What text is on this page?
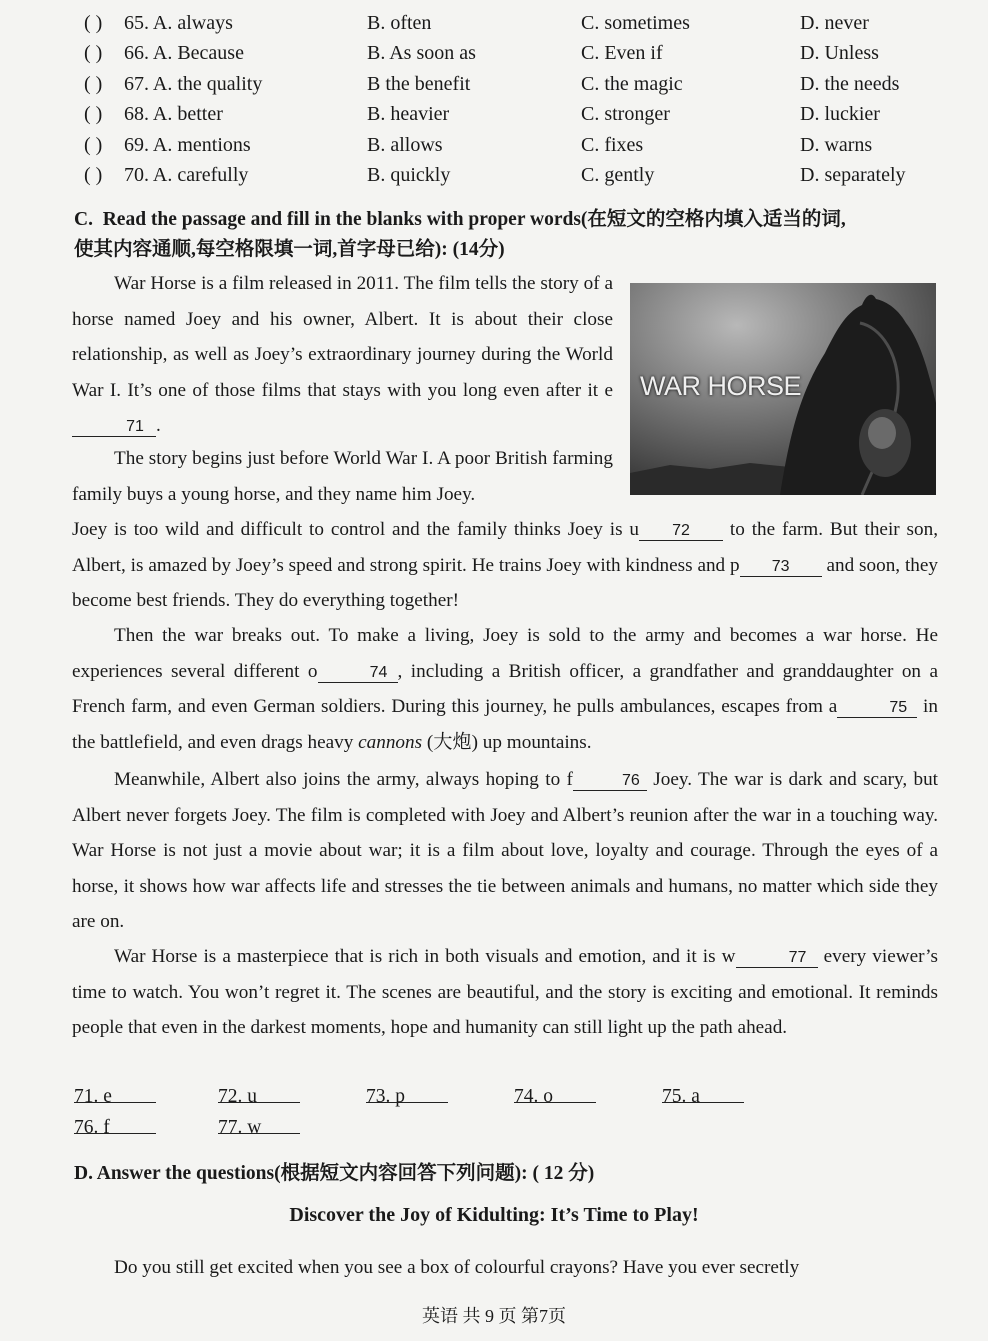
( ) 65. A. always	B. often	C. sometimes	D. never
( ) 66. A. Because	B. As soon as	C. Even if	D. Unless
( ) 67. A. the quality	B the benefit	C. the magic	D. the needs
( ) 68. A. better	B. heavier	C. stronger	D. luckier
( ) 69. A. mentions	B. allows	C. fixes	D. warns
( ) 70. A. carefully	B. quickly	C. gently	D. separately
C. Read the passage and fill in the blanks with proper words(在短文的空格内填入适当的词,
使其内容通顺,每空格限填一词,首字母已给): (14分)
WAR HORSE
War Horse is a film released in 2011. The film tells the story of a horse named Joey and his owner, Albert. It is about their close relationship, as well as Joey’s extraordinary journey during the World War I. It’s one of those films that stays with you long even after it e71 .
The story begins just before World War I. A poor British farming family buys a young horse, and they name him Joey.
Joey is too wild and difficult to control and the family thinks Joey is u 72 to the farm. But their son, Albert, is amazed by Joey’s speed and strong spirit. He trains Joey with kindness and p 73 and soon, they become best friends. They do everything together!
Then the war breaks out. To make a living, Joey is sold to the army and becomes a war horse. He experiences several different o	74 , including a British officer, a grandfather and granddaughter on a French farm, and even German soldiers. During this journey, he pulls ambulances, escapes from a	75 in the battlefield, and even drags heavy cannons (大炮) up mountains.
Meanwhile, Albert also joins the army, always hoping to f	76 Joey. The war is dark and scary, but Albert never forgets Joey. The film is completed with Joey and Albert’s reunion after the war in a touching way. War Horse is not just a movie about war; it is a film about love, loyalty and courage. Through the eyes of a horse, it shows how war affects life and stresses the tie between animals and humans, no matter which side they are on.
War Horse is a masterpiece that is rich in both visuals and emotion, and it is w	77 every viewer’s time to watch. You won’t regret it. The scenes are beautiful, and the story is exciting and emotional. It reminds people that even in the darkest moments, hope and humanity can still light up the path ahead.
71. e	72. u	73. p	74. o	75. a
76. f	77. w
D. Answer the questions(根据短文内容回答下列问题): ( 12 分)
Discover the Joy of Kidulting: It’s Time to Play!
Do you still get excited when you see a box of colourful crayons? Have you ever secretly
英语 共 9 页 第7页
